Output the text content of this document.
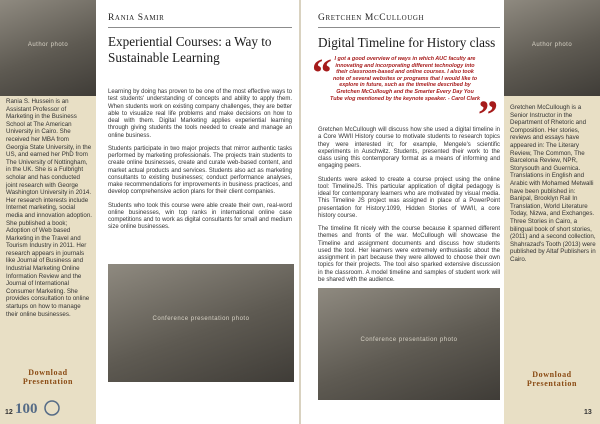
Author photo
Rania S. Hussein is an Assistant Professor of Marketing in the Business School at The American University in Cairo. She received her MBA from Georgia State University, in the US, and earned her PhD from The University of Nottingham, in the UK. She is a Fulbright scholar and has conducted joint research with George Washington University in 2014. Her research interests include Internet marketing, social media and innovation adoption. She published a book; Adoption of Web based Marketing in the Travel and Tourism Industry in 2011. Her research appears in journals like Journal of Business and Industrial Marketing Online Information Review and the Journal of International Consumer Marketing. She provides consultation to online startups on how to manage their online businesses.
Download
Presentation
100
12
Rania Samir
Experiential Courses: a Way to Sustainable Learning

Learning by doing has proven to be one of the most effective ways to test students' understanding of concepts and ability to apply them. When students work on existing company challenges, they are better able to visualize real life problems and make decisions on how to deal with them. Digital Marketing applies experiential learning through giving students the tools needed to create and manage an online business.

Students participate in two major projects that mirror authentic tasks performed by marketing professionals. The projects train students to create online businesses, create and curate web-based content, and market actual products and services. Students also act as marketing consultants to existing businesses; conduct performance analyses, make recommendations for improvements in business practices, and develop comprehensive action plans for their client companies.

Students who took this course were able create their own, real-word online businesses, win top ranks in international online case competitions and to work as digital consultants for small and medium size online businesses.

Conference presentation photo
Gretchen McCullough
Digital Timeline for History class
“ I got a good overview of ways in which AUC faculty are innovating and incorporating different technology into their classroom-based and online courses. I also took note of several websites or programs that I would like to explore in future, such as the timeline described by Gretchen McCullough and the Smarter Every Day You Tube vlog mentioned by the keynote speaker. - Carol Clark
”

Gretchen McCullough will discuss how she used a digital timeline in a Core WWII History course to motivate students to research topics they were interested in; for example, Mengele's scientific experiments in Auschwitz. Students, presented their work to the class using this contemporary format as a means of informing and engaging peers.

Students were asked to create a course project using the online tool: TimelineJS. This particular application of digital pedagogy is ideal for contemporary learners who are motivated by visual media. This Timeline JS project was assigned in place of a PowerPoint presentation for History:1099, Hidden Stories of WWII, a core history course.

The timeline fit nicely with the course because it spanned different themes and fronts of the war. McCullough will showcase the Timeline and assignment documents and discuss how students used the tool. Her learners were extremely enthusiastic about the assignment in part because they were allowed to choose their own topics for their projects. The tool also sparked extensive discussion in the classroom. A model timeline and samples of student work will be shared with the audience.

Conference presentation photo
Author photo
Gretchen McCullough is a Senior Instructor in the Department of Rhetoric and Composition. Her stories, reviews and essays have appeared in: The Literary Review, The Common, The Barcelona Review, NPR, Storysouth and Guernica. Translations in English and Arabic with Mohamed Metwalli have been published in: Banipal, Brooklyn Rail In Translation, World Literature Today, Nizwa, and Exchanges. Three Stories in Cairo, a bilingual book of short stories, (2011) and a second collection, Shahrazad's Tooth (2013) were published by Altaf Publishers in Cairo.
Download
Presentation
13
